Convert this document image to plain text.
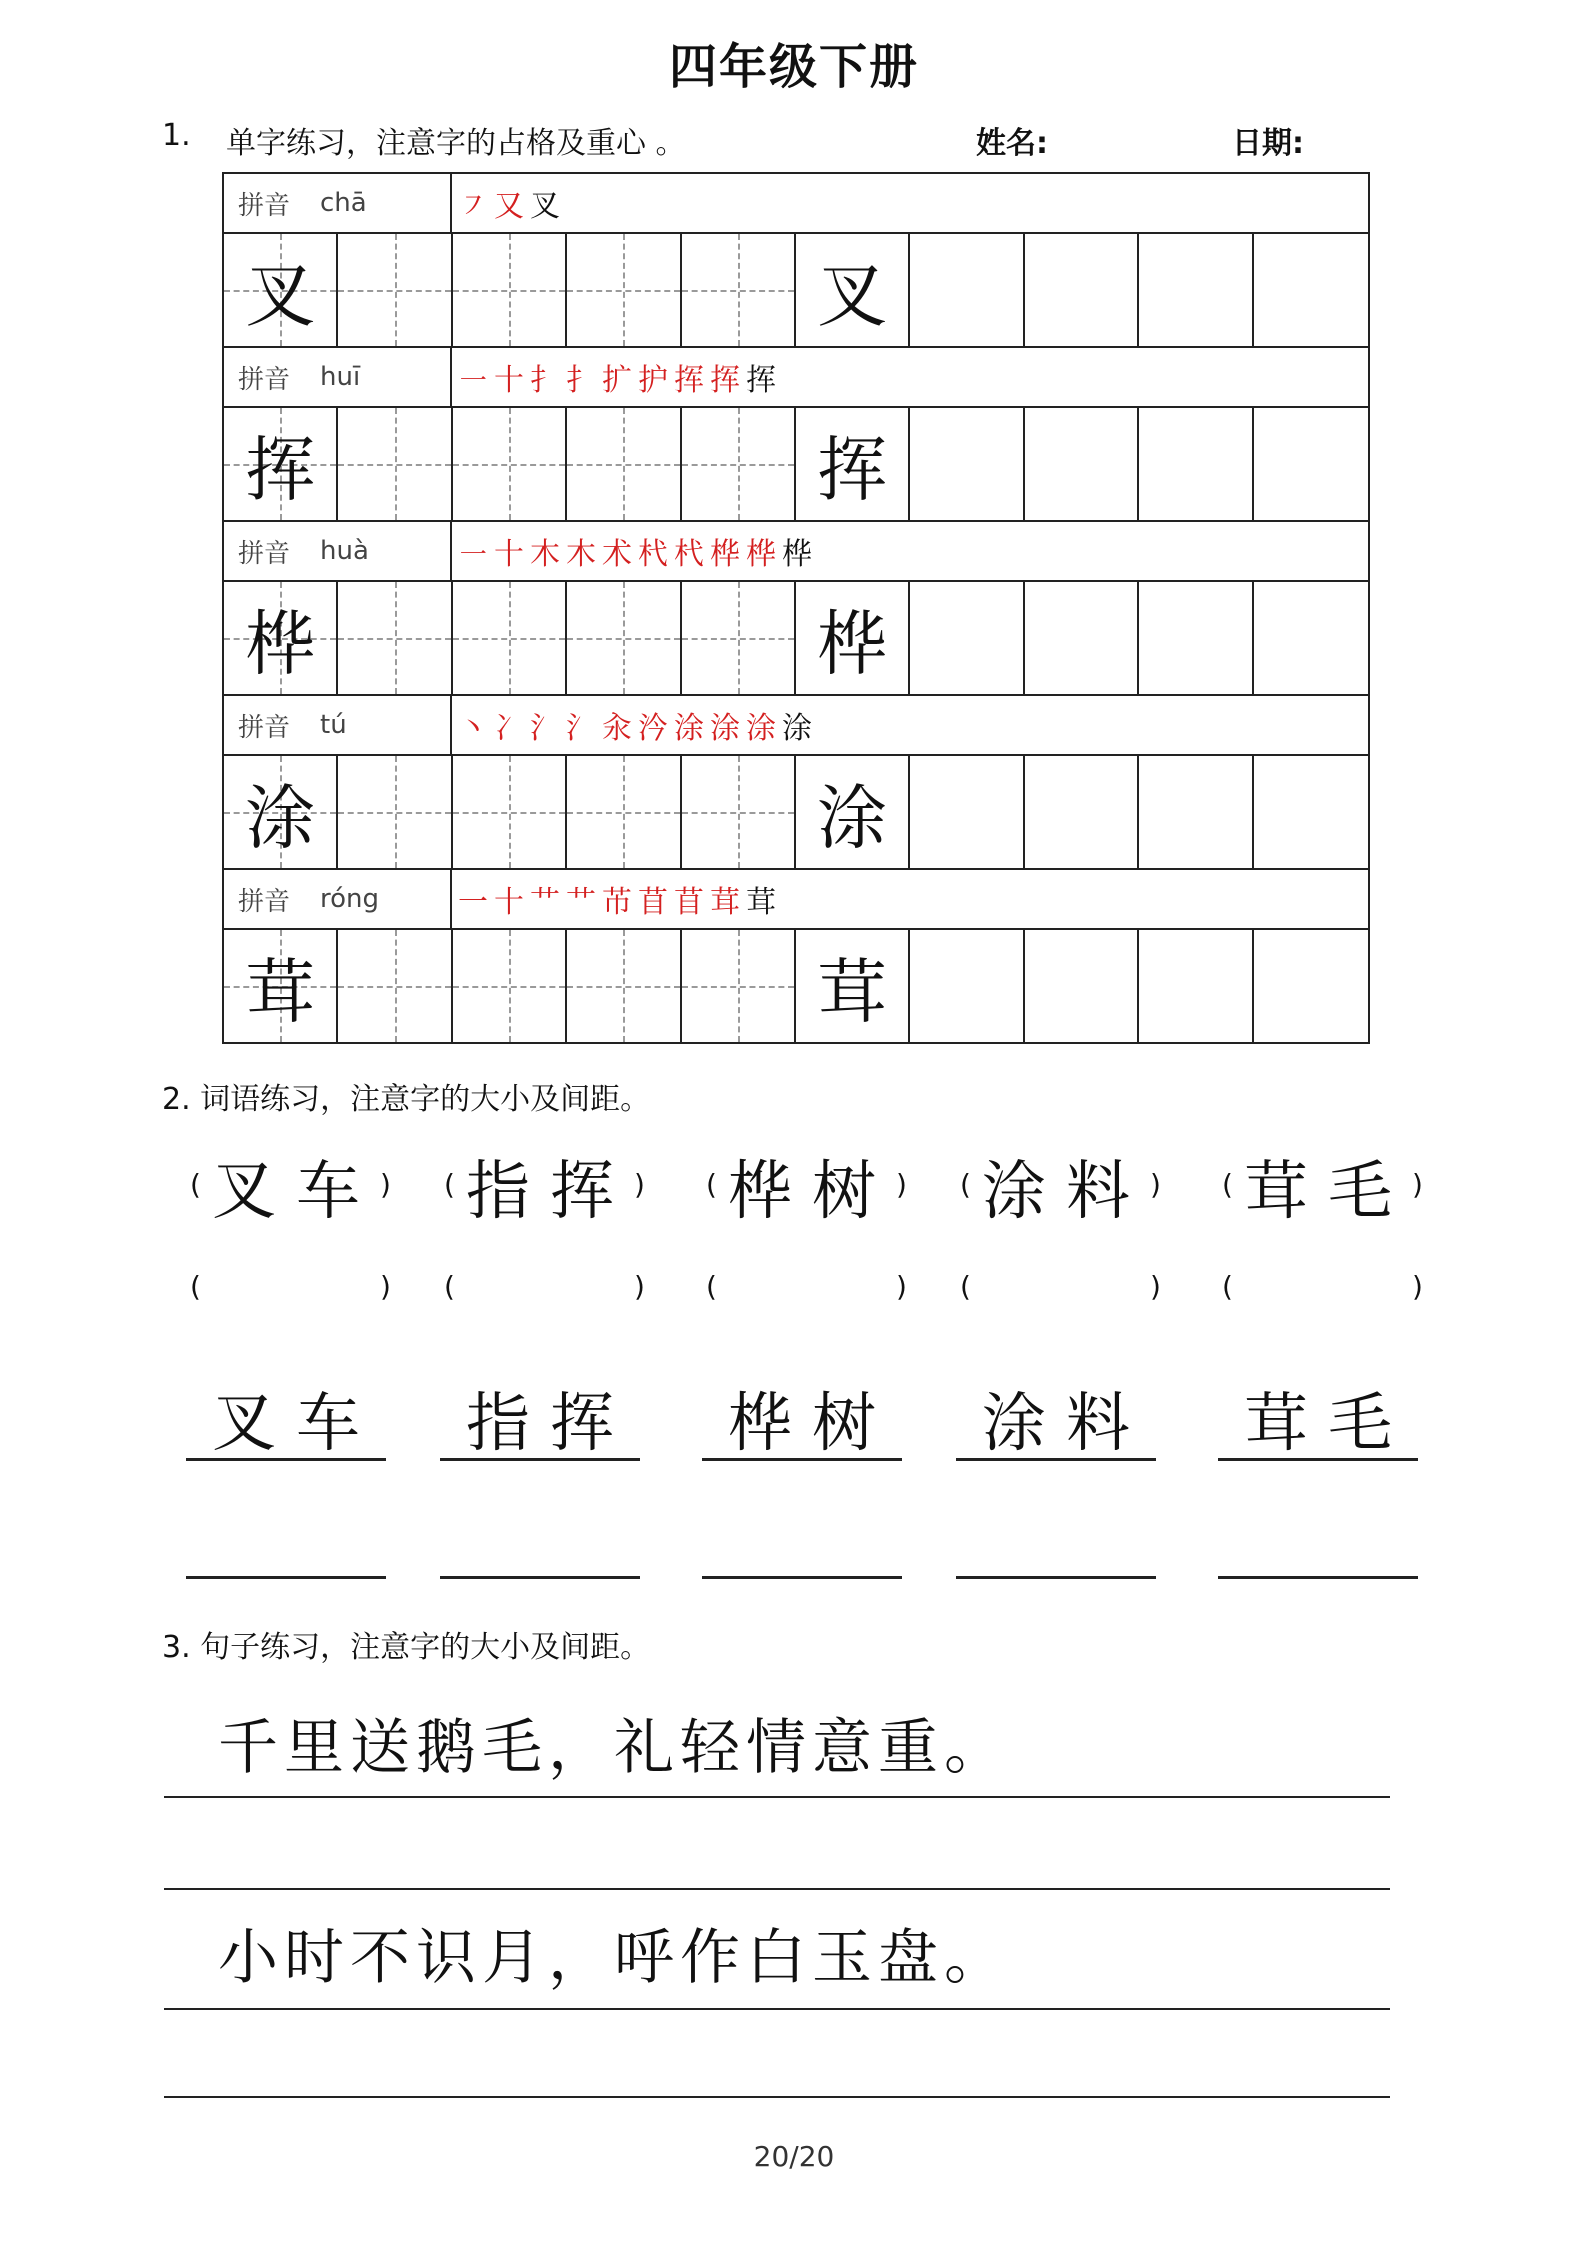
四年级下册
1. 单字练习，注意字的占格及重心 。	姓名:	日期:
拼音 chā	㇇ 又 叉
叉	叉
拼音 huī	㇐ 十 扌 扌 扩 护 挥 挥 挥
挥	挥
拼音 huà	㇐ 十 木 木 术 杙 杙 桦 桦 桦
桦	桦
拼音 tú	丶 冫 氵 氵 汆 汵 涂 涂 涂 涂
涂	涂
拼音 róng	一 十 艹 艹 芇 苜 苜 茸 茸
茸	茸
2. 词语练习，注意字的大小及间距。
( 叉车 )
(	)
叉车
( 指挥 )
(	)
指挥
( 桦树 )
(	)
桦树
( 涂料 )
(	)
涂料
( 茸毛 )
(	)
茸毛
3. 句子练习，注意字的大小及间距。
千里送鹅毛，礼轻情意重。
小时不识月，呼作白玉盘。
20/20
